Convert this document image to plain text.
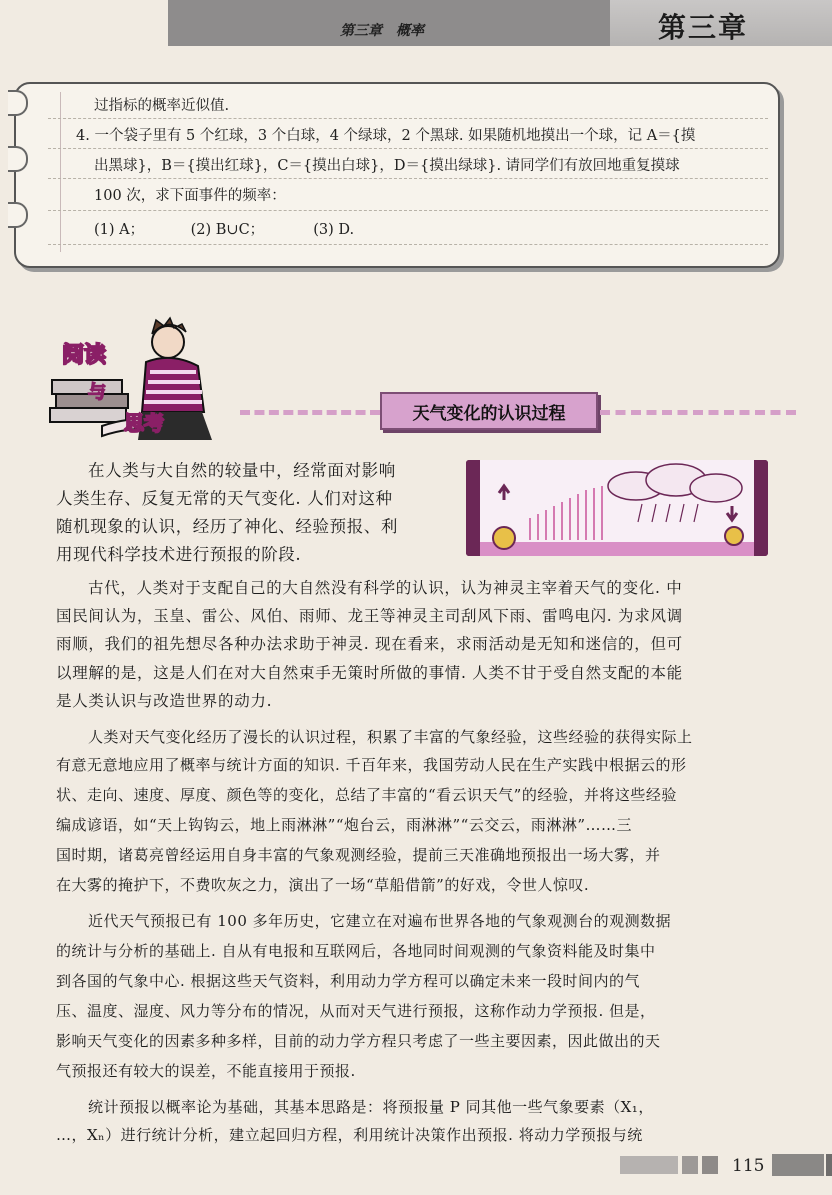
第三章　概率	第三章
过指标的概率近似值.
4. 一个袋子里有 5 个红球，3 个白球，4 个绿球，2 个黑球. 如果随机地摸出一个球，记 A＝{摸
出黑球}，B＝{摸出红球}，C＝{摸出白球}，D＝{摸出绿球}. 请同学们有放回地重复摸球
100 次，求下面事件的频率：
(1) A；	(2) B∪C；	(3) D.
阅读
与
思考	天气变化的认识过程
在人类与大自然的较量中，经常面对影响
人类生存、反复无常的天气变化. 人们对这种
随机现象的认识，经历了神化、经验预报、利
用现代科学技术进行预报的阶段.
古代，人类对于支配自己的大自然没有科学的认识，认为神灵主宰着天气的变化. 中
国民间认为，玉皇、雷公、风伯、雨师、龙王等神灵主司刮风下雨、雷鸣电闪. 为求风调
雨顺，我们的祖先想尽各种办法求助于神灵. 现在看来，求雨活动是无知和迷信的，但可
以理解的是，这是人们在对大自然束手无策时所做的事情. 人类不甘于受自然支配的本能
是人类认识与改造世界的动力.
人类对天气变化经历了漫长的认识过程，积累了丰富的气象经验，这些经验的获得实际上
有意无意地应用了概率与统计方面的知识. 千百年来，我国劳动人民在生产实践中根据云的形
状、走向、速度、厚度、颜色等的变化，总结了丰富的“看云识天气”的经验，并将这些经验
编成谚语，如“天上钩钩云，地上雨淋淋”“炮台云，雨淋淋”“云交云，雨淋淋”……三
国时期，诸葛亮曾经运用自身丰富的气象观测经验，提前三天准确地预报出一场大雾，并
在大雾的掩护下，不费吹灰之力，演出了一场“草船借箭”的好戏，令世人惊叹.
近代天气预报已有 100 多年历史，它建立在对遍布世界各地的气象观测台的观测数据
的统计与分析的基础上. 自从有电报和互联网后，各地同时间观测的气象资料能及时集中
到各国的气象中心. 根据这些天气资料，利用动力学方程可以确定未来一段时间内的气
压、温度、湿度、风力等分布的情况，从而对天气进行预报，这称作动力学预报. 但是，
影响天气变化的因素多种多样，目前的动力学方程只考虑了一些主要因素，因此做出的天
气预报还有较大的误差，不能直接用于预报.
统计预报以概率论为基础，其基本思路是：将预报量 P 同其他一些气象要素（X₁，
…，Xₙ）进行统计分析，建立起回归方程，利用统计决策作出预报. 将动力学预报与统
115
